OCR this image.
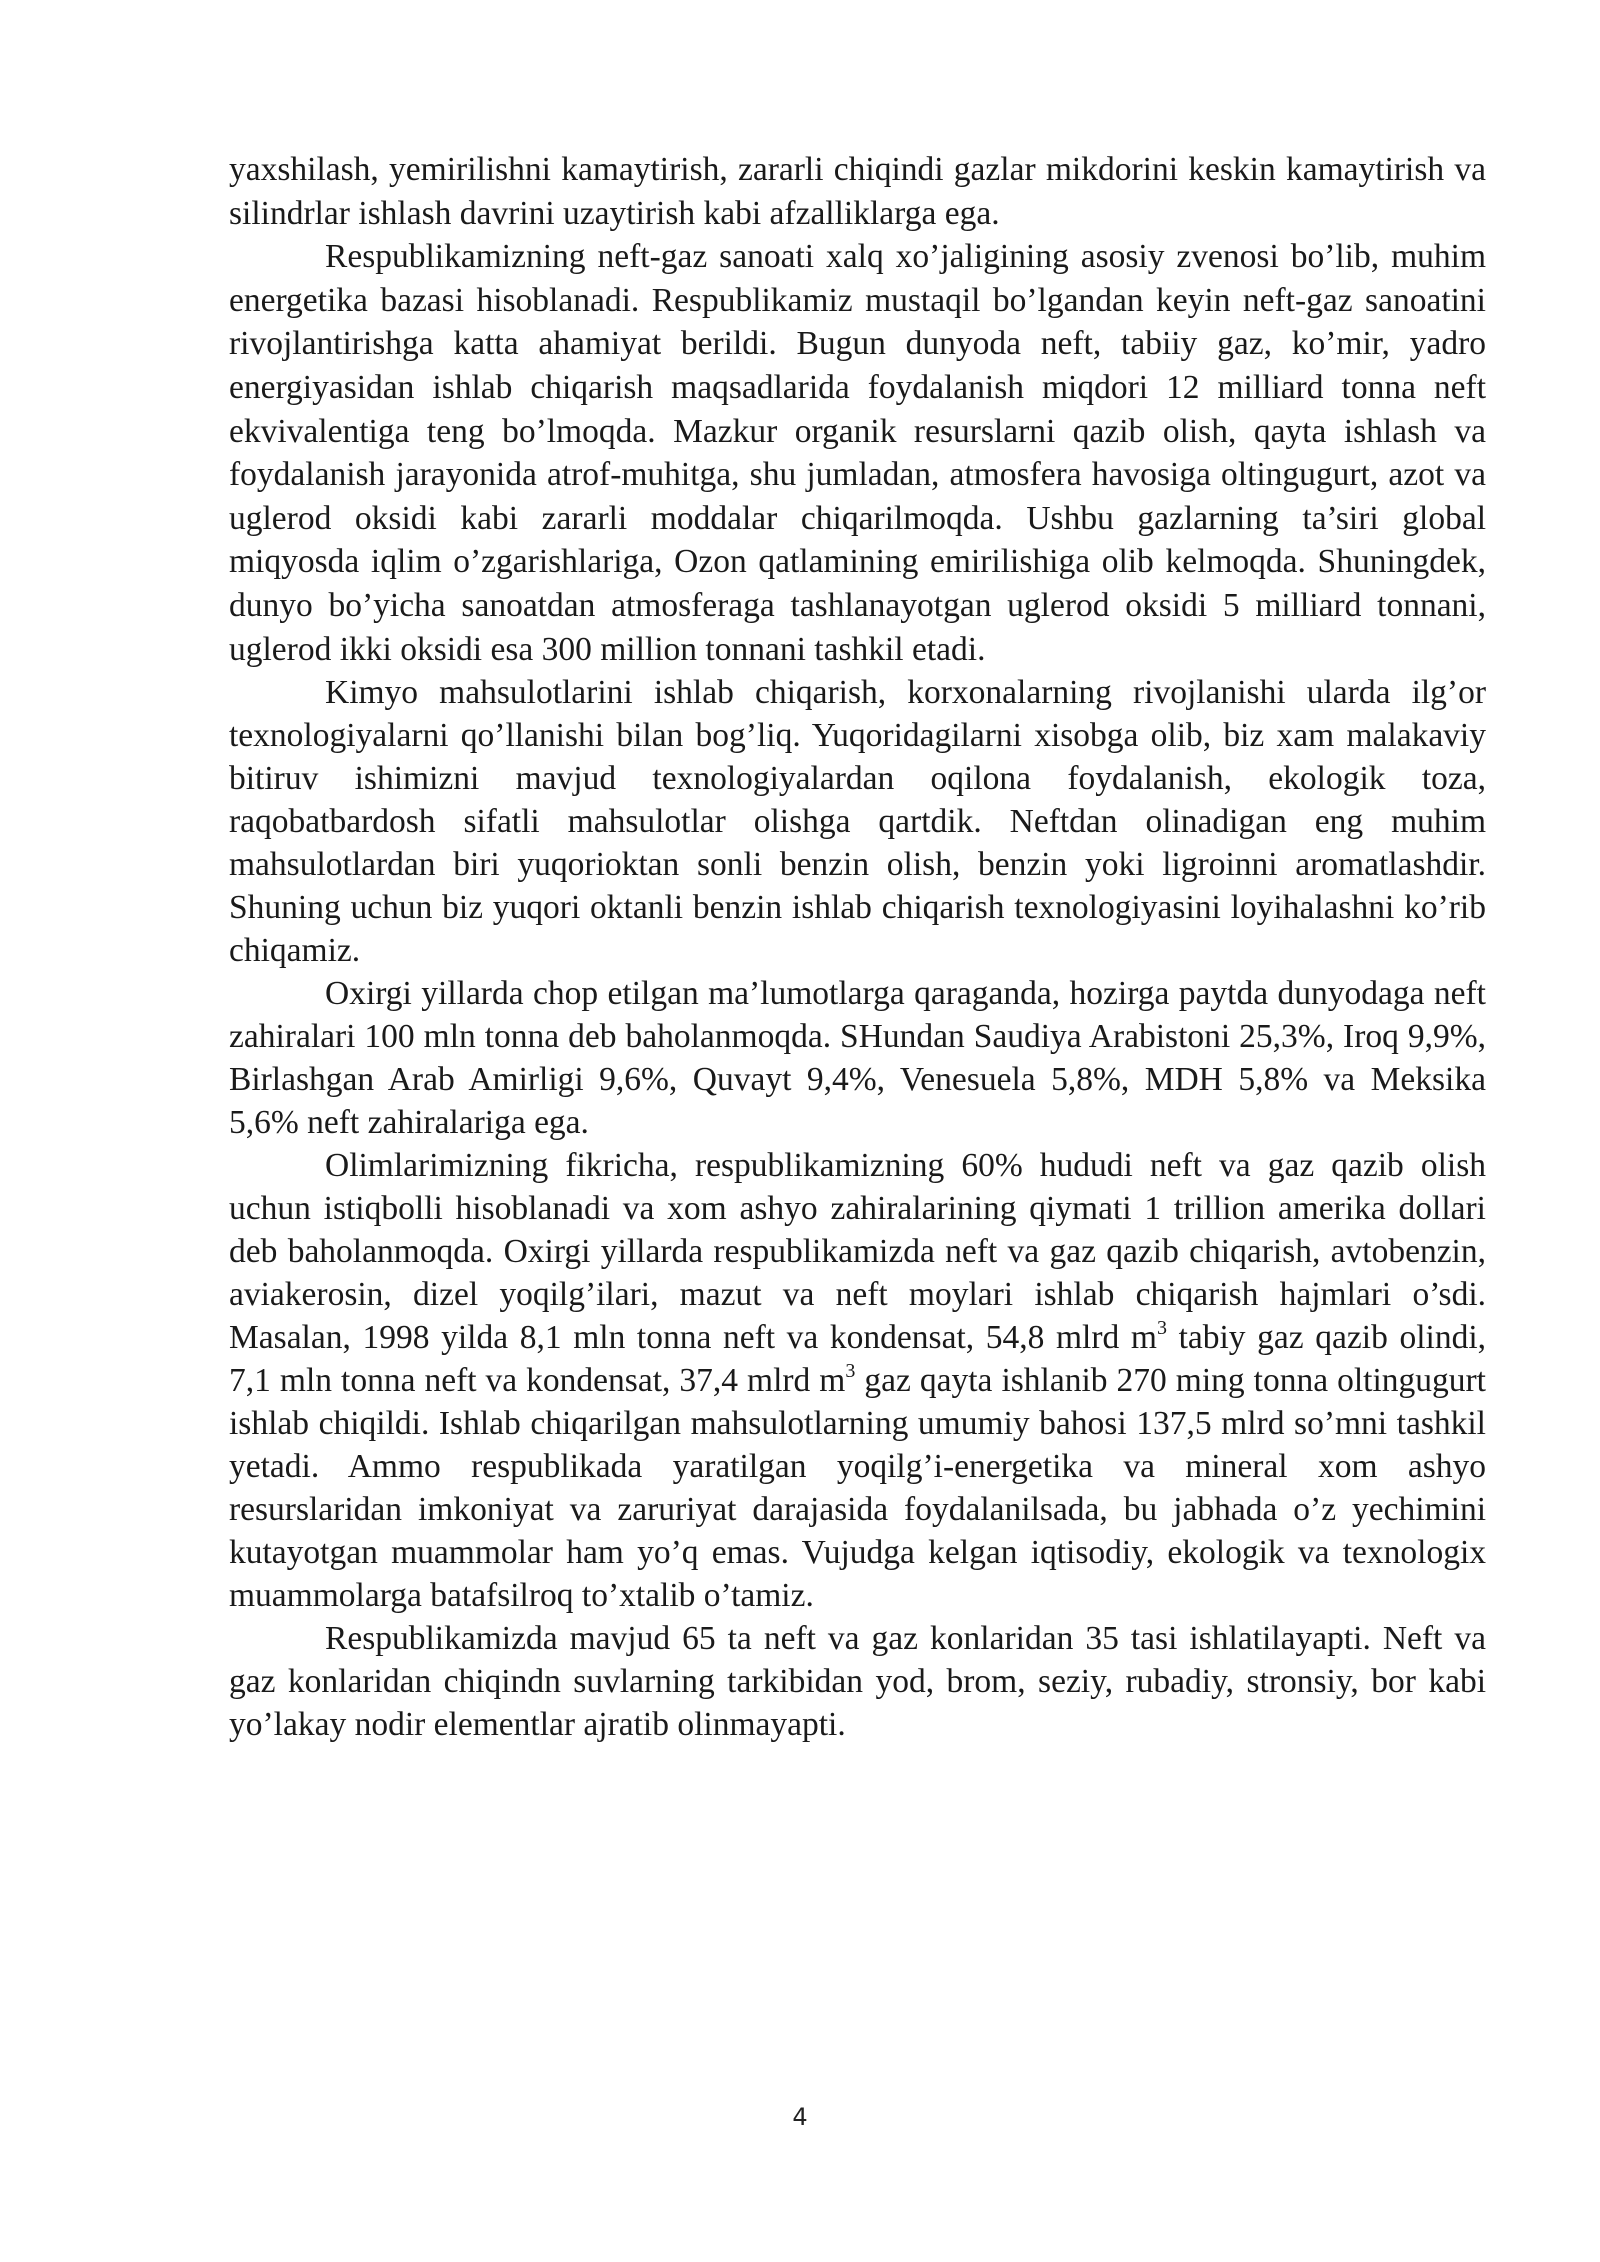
yaxshilash, yemirilishni kamaytirish, zararli chiqindi gazlar mikdorini keskin kamaytirish va silindrlar ishlash davrini uzaytirish kabi afzalliklarga ega.

Respublikamizning neft-gaz sanoati xalq xo’jaligining asosiy zvenosi bo’lib, muhim energetika bazasi hisoblanadi. Respublikamiz mustaqil bo’lgandan keyin neft-gaz sanoatini rivojlantirishga katta ahamiyat berildi. Bugun dunyoda neft, tabiiy gaz, ko’mir, yadro energiyasidan ishlab chiqarish maqsadlarida foydalanish miqdori 12 milliard tonna neft ekvivalentiga teng bo’lmoqda. Mazkur organik resurslarni qazib olish, qayta ishlash va foydalanish jarayonida atrof-muhitga, shu jumladan, atmosfera havosiga oltingugurt, azot va uglerod oksidi kabi zararli moddalar chiqarilmoqda. Ushbu gazlarning ta’siri global miqyosda iqlim o’zgarishlariga, Ozon qatlamining emirilishiga olib kelmoqda. Shuningdek, dunyo bo’yicha sanoatdan atmosferaga tashlanayotgan uglerod oksidi 5 milliard tonnani, uglerod ikki oksidi esa 300 million tonnani tashkil etadi.

Kimyo mahsulotlarini ishlab chiqarish, korxonalarning rivojlanishi ularda ilg’or texnologiyalarni qo’llanishi bilan bog’liq. Yuqoridagilarni xisobga olib, biz xam malakaviy bitiruv ishimizni mavjud texnologiyalardan oqilona foydalanish, ekologik toza, raqobatbardosh sifatli mahsulotlar olishga qartdik. Neftdan olinadigan eng muhim mahsulotlardan biri yuqorioktan sonli benzin olish, benzin yoki ligroinni aromatlashdir. Shuning uchun biz yuqori oktanli benzin ishlab chiqarish texnologiyasini loyihalashni ko’rib chiqamiz.

Oxirgi yillarda chop etilgan ma’lumotlarga qaraganda, hozirga paytda dunyodaga neft zahiralari 100 mln tonna deb baholanmoqda. SHundan Saudiya Arabistoni 25,3%, Iroq 9,9%, Birlashgan Arab Amirligi 9,6%, Quvayt 9,4%, Venesuela 5,8%, MDH 5,8% va Meksika 5,6% neft zahiralariga ega.

Olimlarimizning fikricha, respublikamizning 60% hududi neft va gaz qazib olish uchun istiqbolli hisoblanadi va xom ashyo zahiralarining qiymati 1 trillion amerika dollari deb baholanmoqda. Oxirgi yillarda respublikamizda neft va gaz qazib chiqarish, avtobenzin, aviakerosin, dizel yoqilg’ilari, mazut va neft moylari ishlab chiqarish hajmlari o’sdi. Masalan, 1998 yilda 8,1 mln tonna neft va kondensat, 54,8 mlrd $m^3$ tabiy gaz qazib olindi, 7,1 mln tonna neft va kondensat, 37,4 mlrd $m^3$ gaz qayta ishlanib 270 ming tonna oltingugurt ishlab chiqildi. Ishlab chiqarilgan mahsulotlarning umumiy bahosi 137,5 mlrd so’mni tashkil yetadi. Ammo respublikada yaratilgan yoqilg’i-energetika va mineral xom ashyo resurslaridan imkoniyat va zaruriyat darajasida foydalanilsada, bu jabhada o’z yechimini kutayotgan muammolar ham yo’q emas. Vujudga kelgan iqtisodiy, ekologik va texnologix muammolarga batafsilroq to’xtalib o’tamiz.

Respublikamizda mavjud 65 ta neft va gaz konlaridan 35 tasi ishlatilayapti. Neft va gaz konlaridan chiqindn suvlarning tarkibidan yod, brom, seziy, rubadiy, stronsiy, bor kabi yo’lakay nodir elementlar ajratib olinmayapti.

4
